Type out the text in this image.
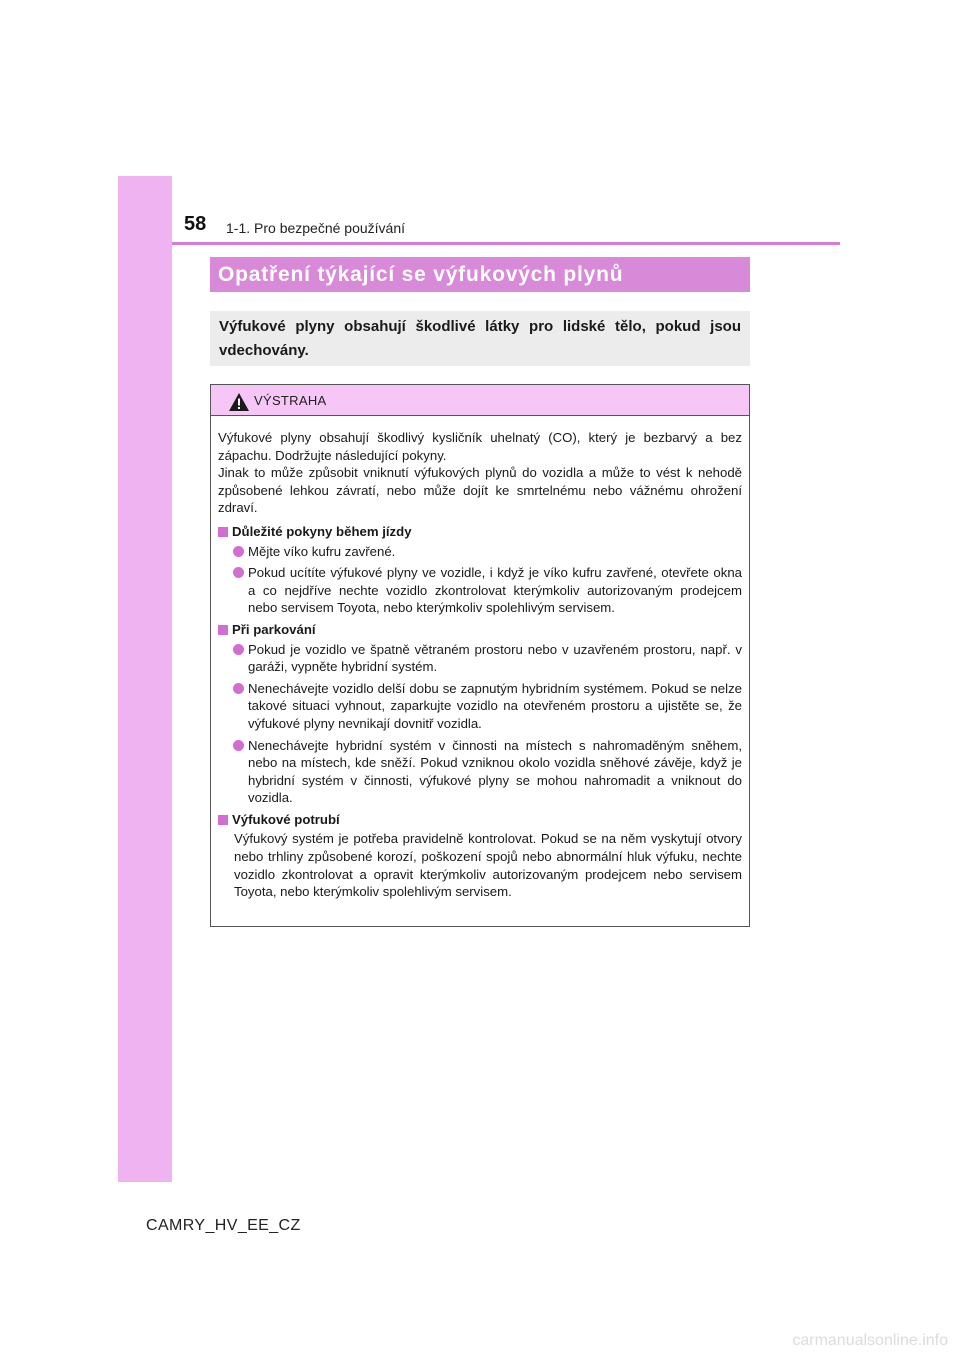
58 1-1. Pro bezpečné používání
Opatření týkající se výfukových plynů
Výfukové plyny obsahují škodlivé látky pro lidské tělo, pokud jsou vdechovány.
VÝSTRAHA

Výfukové plyny obsahují škodlivý kysličník uhelnatý (CO), který je bezbarvý a bez zápachu. Dodržujte následující pokyny.

Jinak to může způsobit vniknutí výfukových plynů do vozidla a může to vést k nehodě způsobené lehkou závratí, nebo může dojít ke smrtelnému nebo vážnému ohrožení zdraví.

Důležité pokyny během jízdy
Mějte víko kufru zavřené.
Pokud ucítíte výfukové plyny ve vozidle, i když je víko kufru zavřené, otevřete okna a co nejdříve nechte vozidlo zkontrolovat kterýmkoliv autorizovaným prodejcem nebo servisem Toyota, nebo kterýmkoliv spolehlivým servisem.
Při parkování
Pokud je vozidlo ve špatně větraném prostoru nebo v uzavřeném prostoru, např. v garáži, vypněte hybridní systém.
Nenechávejte vozidlo delší dobu se zapnutým hybridním systémem. Pokud se nelze takové situaci vyhnout, zaparkujte vozidlo na otevřeném prostoru a ujistěte se, že výfukové plyny nevnikají dovnitř vozidla.
Nenechávejte hybridní systém v činnosti na místech s nahromaděným sněhem, nebo na místech, kde sněží. Pokud vzniknou okolo vozidla sněhové závěje, když je hybridní systém v činnosti, výfukové plyny se mohou nahromadit a vniknout do vozidla.
Výfukové potrubí

Výfukový systém je potřeba pravidelně kontrolovat. Pokud se na něm vyskytují otvory nebo trhliny způsobené korozí, poškození spojů nebo abnormální hluk výfuku, nechte vozidlo zkontrolovat a opravit kterýmkoliv autorizovaným prodejcem nebo servisem Toyota, nebo kterýmkoliv spolehlivým servisem.

CAMRY_HV_EE_CZ
carmanualsonline.info
